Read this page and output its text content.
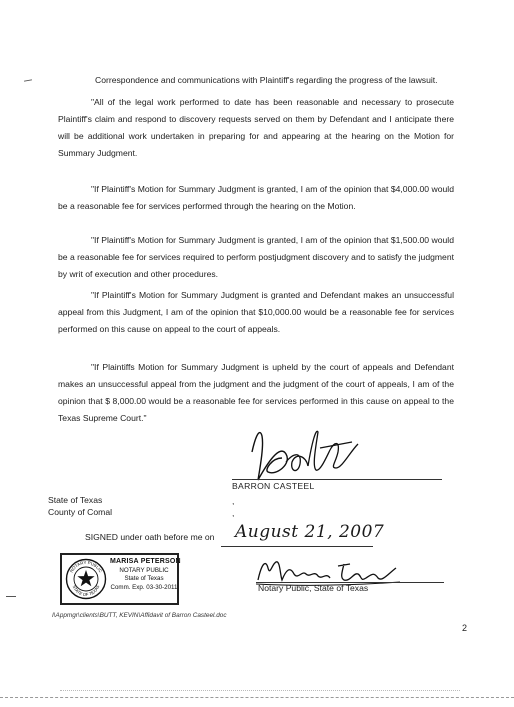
Correspondence and communications with Plaintiff's regarding the progress of the lawsuit.

"All of the legal work performed to date has been reasonable and necessary to prosecute Plaintiff's claim and respond to discovery requests served on them by Defendant and I anticipate there will be additional work undertaken in preparing for and appearing at the hearing on the Motion for Summary Judgment.

"If Plaintiff's Motion for Summary Judgment is granted, I am of the opinion that $4,000.00 would be a reasonable fee for services performed through the hearing on the Motion.

"If Plaintiff's Motion for Summary Judgment is granted, I am of the opinion that $1,500.00 would be a reasonable fee for services required to perform postjudgment discovery and to satisfy the judgment by writ of execution and other procedures.

"If Plaintiff's Motion for Summary Judgment is granted and Defendant makes an unsuccessful appeal from this Judgment, I am of the opinion that $10,000.00 would be a reasonable fee for services performed on this cause on appeal to the court of appeals.

"If Plaintiffs Motion for Summary Judgment is upheld by the court of appeals and Defendant makes an unsuccessful appeal from the judgment and the judgment of the court of appeals, I am of the opinion that $ 8,000.00 would be a reasonable fee for services performed in this cause on appeal to the Texas Supreme Court."

BARRON CASTEEL
State of Texas
County of Comal
,
,
SIGNED under oath before me on August 21, 2007
NOTARY PUBLIC
STATE OF TEXAS
MARISA PETERSON
NOTARY PUBLIC
State of Texas
Comm. Exp. 03-30-2011	Notary Public, State of Texas
I\Appmgr\clients\BUTT, KEVIN\Affidavit of Barron Casteel.doc
2
